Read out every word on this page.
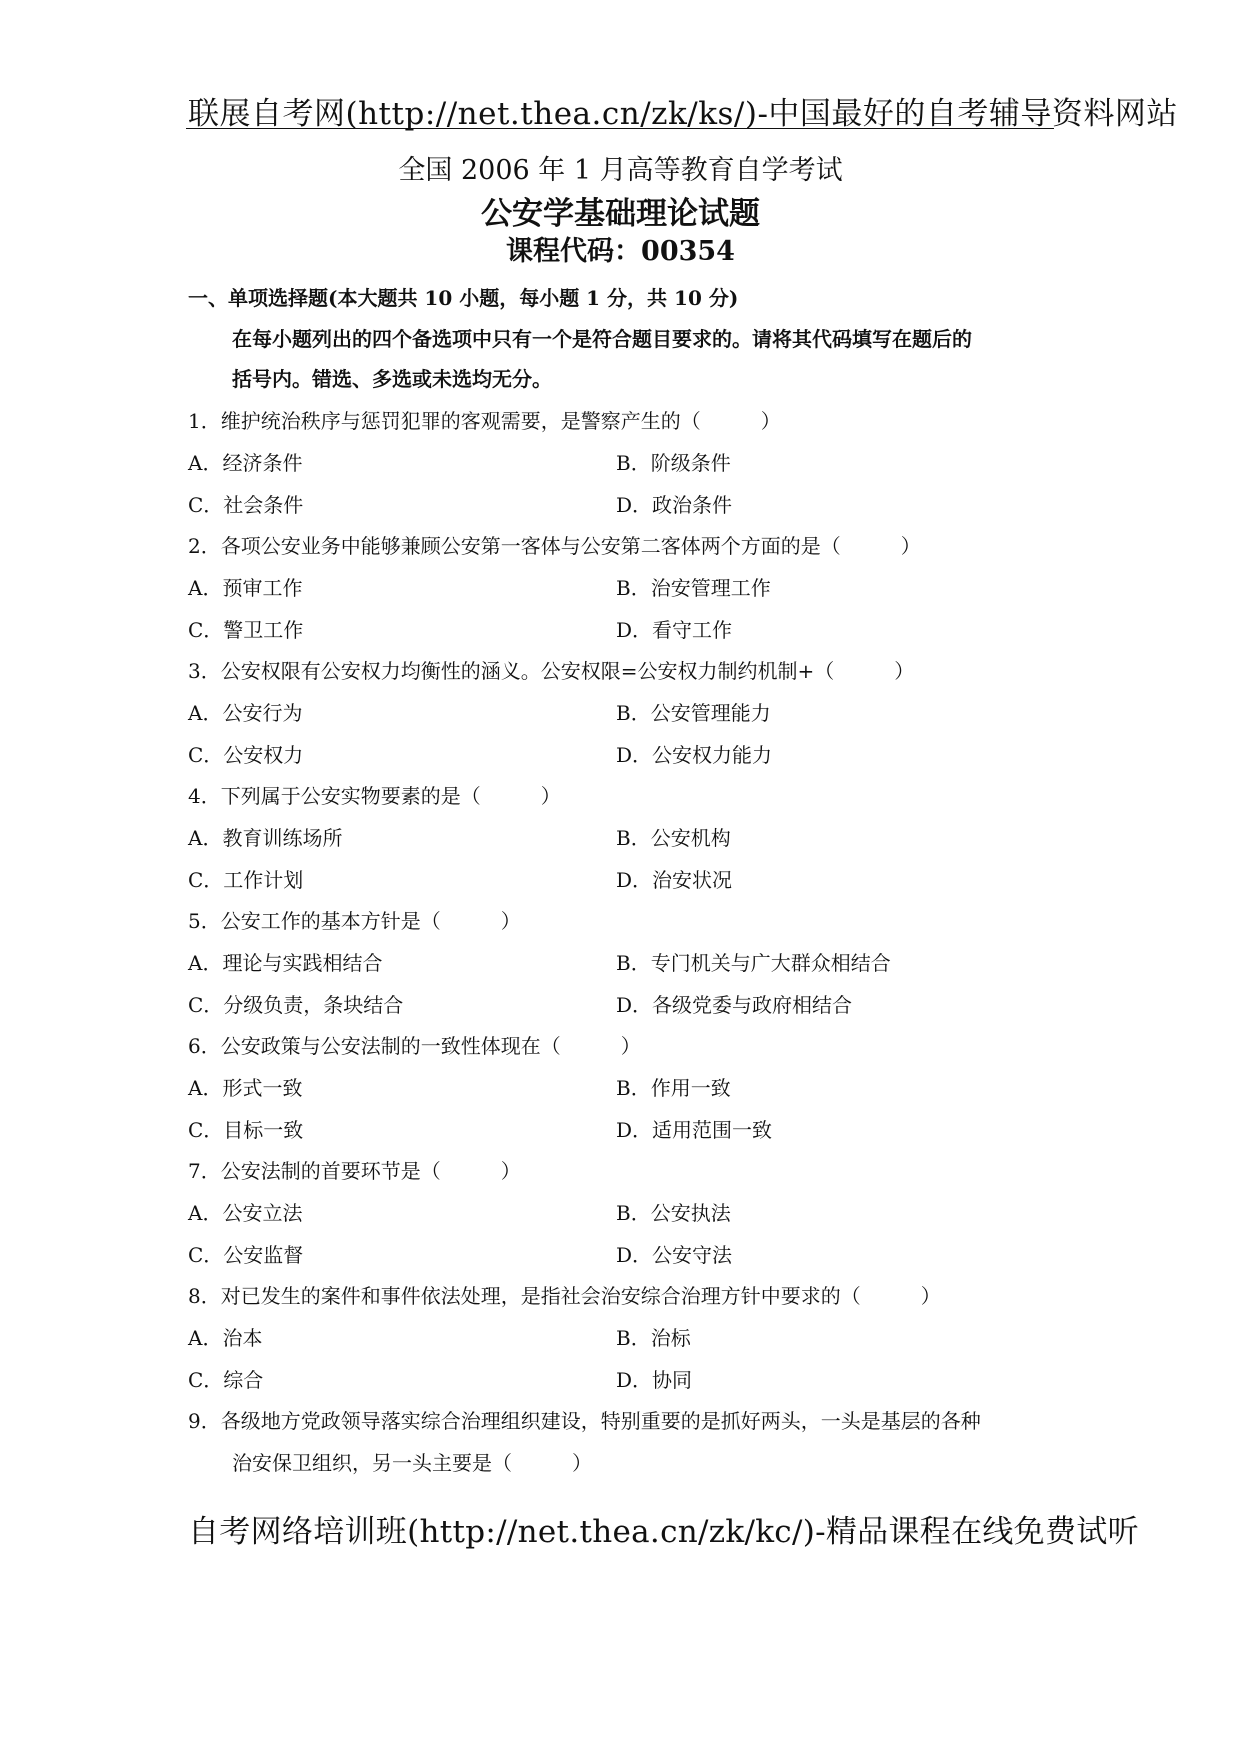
联展自考网(http://net.thea.cn/zk/ks/)-中国最好的自考辅导资料网站
全国 2006 年 1 月高等教育自学考试
公安学基础理论试题
课程代码：00354
一、单项选择题(本大题共 10 小题，每小题 1 分，共 10 分)
在每小题列出的四个备选项中只有一个是符合题目要求的。请将其代码填写在题后的
括号内。错选、多选或未选均无分。
1．维护统治秩序与惩罚犯罪的客观需要，是警察产生的（　　　）
A．经济条件	B．阶级条件
C．社会条件	D．政治条件
2．各项公安业务中能够兼顾公安第一客体与公安第二客体两个方面的是（　　　）
A．预审工作	B．治安管理工作
C．警卫工作	D．看守工作
3．公安权限有公安权力均衡性的涵义。公安权限=公安权力制约机制+（　　　）
A．公安行为	B．公安管理能力
C．公安权力	D．公安权力能力
4．下列属于公安实物要素的是（　　　）
A．教育训练场所	B．公安机构
C．工作计划	D．治安状况
5．公安工作的基本方针是（　　　）
A．理论与实践相结合	B．专门机关与广大群众相结合
C．分级负责，条块结合	D．各级党委与政府相结合
6．公安政策与公安法制的一致性体现在（　　　）
A．形式一致	B．作用一致
C．目标一致	D．适用范围一致
7．公安法制的首要环节是（　　　）
A．公安立法	B．公安执法
C．公安监督	D．公安守法
8．对已发生的案件和事件依法处理，是指社会治安综合治理方针中要求的（　　　）
A．治本	B．治标
C．综合	D．协同
9．各级地方党政领导落实综合治理组织建设，特别重要的是抓好两头，一头是基层的各种
治安保卫组织，另一头主要是（　　　）
自考网络培训班(http://net.thea.cn/zk/kc/)-精品课程在线免费试听
